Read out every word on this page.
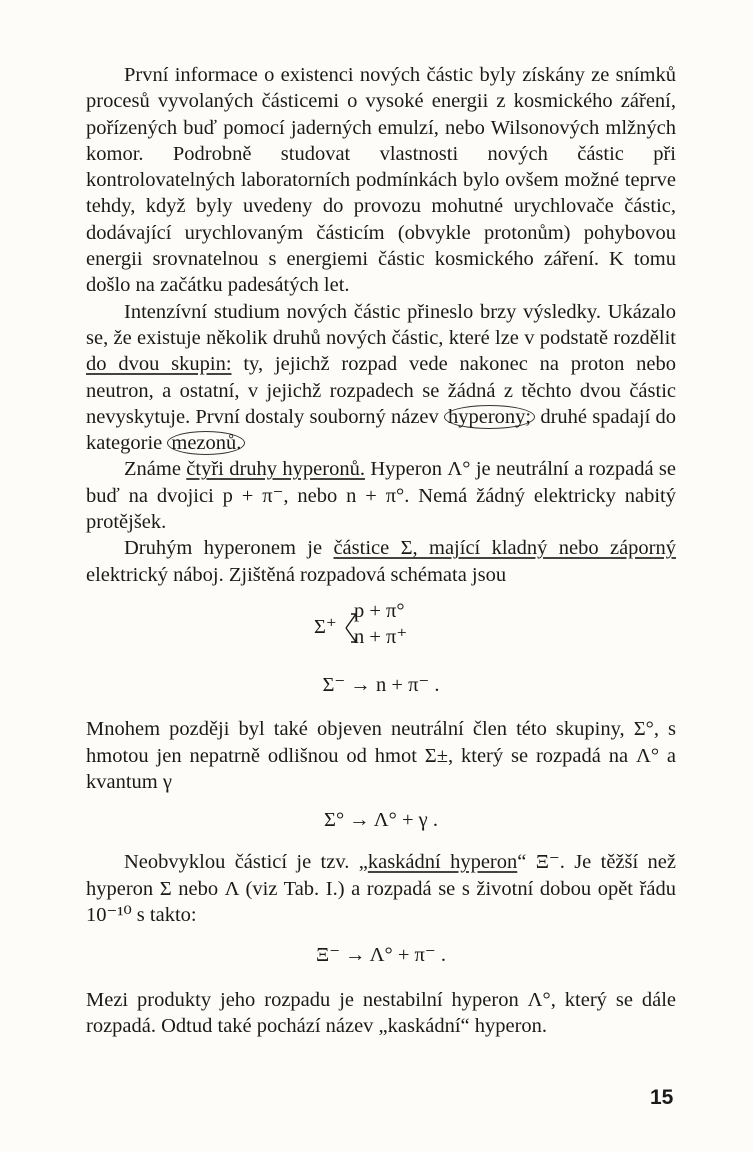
První informace o existenci nových částic byly získány ze snímků procesů vyvolaných částicemi o vysoké energii z kosmického záření, pořízených buď pomocí jaderných emulzí, nebo Wilsonových mlžných komor. Podrobně studovat vlastnosti nových částic při kontrolovatelných laboratorních podmínkách bylo ovšem možné teprve tehdy, když byly uvedeny do provozu mohutné urychlovače částic, dodávající urychlovaným částicím (obvykle protonům) pohybovou energii srovnatelnou s energiemi částic kosmického záření. K tomu došlo na začátku padesátých let.

Intenzívní studium nových částic přineslo brzy výsledky. Ukázalo se, že existuje několik druhů nových částic, které lze v podstatě rozdělit do dvou skupin: ty, jejichž rozpad vede nakonec na proton nebo neutron, a ostatní, v jejichž rozpadech se žádná z těchto dvou částic nevyskytuje. První dostaly souborný název hyperony; druhé spadají do kategorie mezonů.

Známe čtyři druhy hyperonů. Hyperon Λ° je neutrální a rozpadá se buď na dvojici p + π⁻, nebo n + π°. Nemá žádný elektricky nabitý protějšek.

Druhým hyperonem je částice Σ, mající kladný nebo záporný elektrický náboj. Zjištěná rozpadová schémata jsou

Σ⁺
p + π°
n + π⁺
Σ⁻ → n + π⁻ .

Mnohem později byl také objeven neutrální člen této skupiny, Σ°, s hmotou jen nepatrně odlišnou od hmot Σ±, který se rozpadá na Λ° a kvantum γ

Σ° → Λ° + γ .

Neobvyklou částicí je tzv. „kaskádní hyperon“ Ξ⁻. Je těžší než hyperon Σ nebo Λ (viz Tab. I.) a rozpadá se s životní dobou opět řádu 10⁻¹⁰ s takto:

Ξ⁻ → Λ° + π⁻ .

Mezi produkty jeho rozpadu je nestabilní hyperon Λ°, který se dále rozpadá. Odtud také pochází název „kaskádní“ hyperon.

15
